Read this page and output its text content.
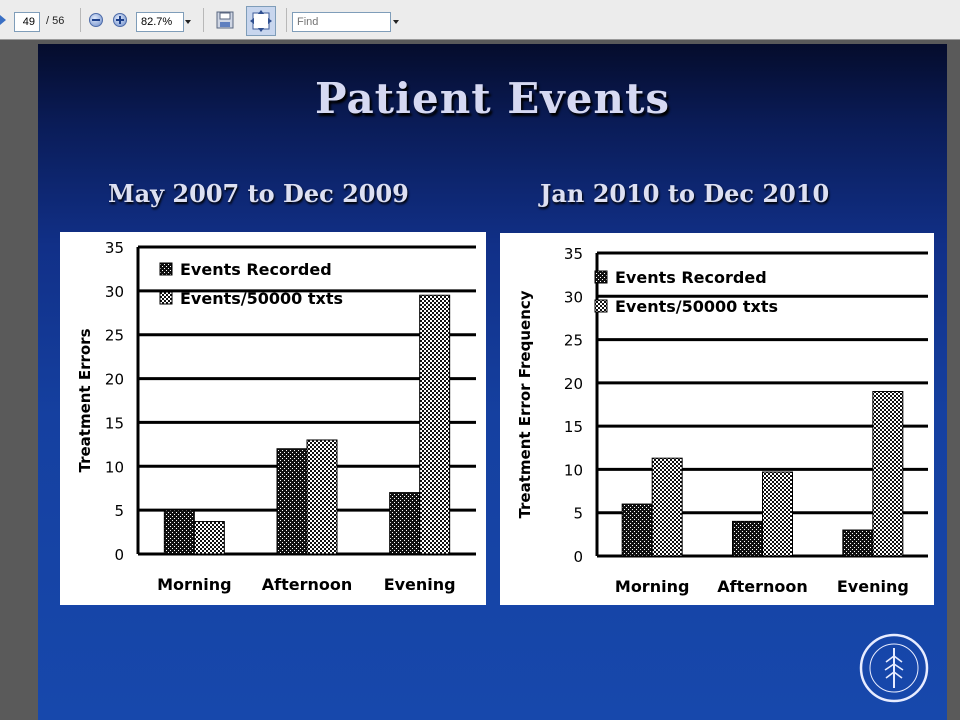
49	/ 56	82.7%
Find
Patient Events
May 2007 to Dec 2009	Jan 2010 to Dec 2010
0
5
10
15
20
25
30
35
Treatment Errors
Morning Afternoon Evening
Events Recorded
Events/50000 txts
0
5
10
15
20
25
30
35
Treatment Error Frequency
Morning Afternoon Evening
Events Recorded
Events/50000 txts
